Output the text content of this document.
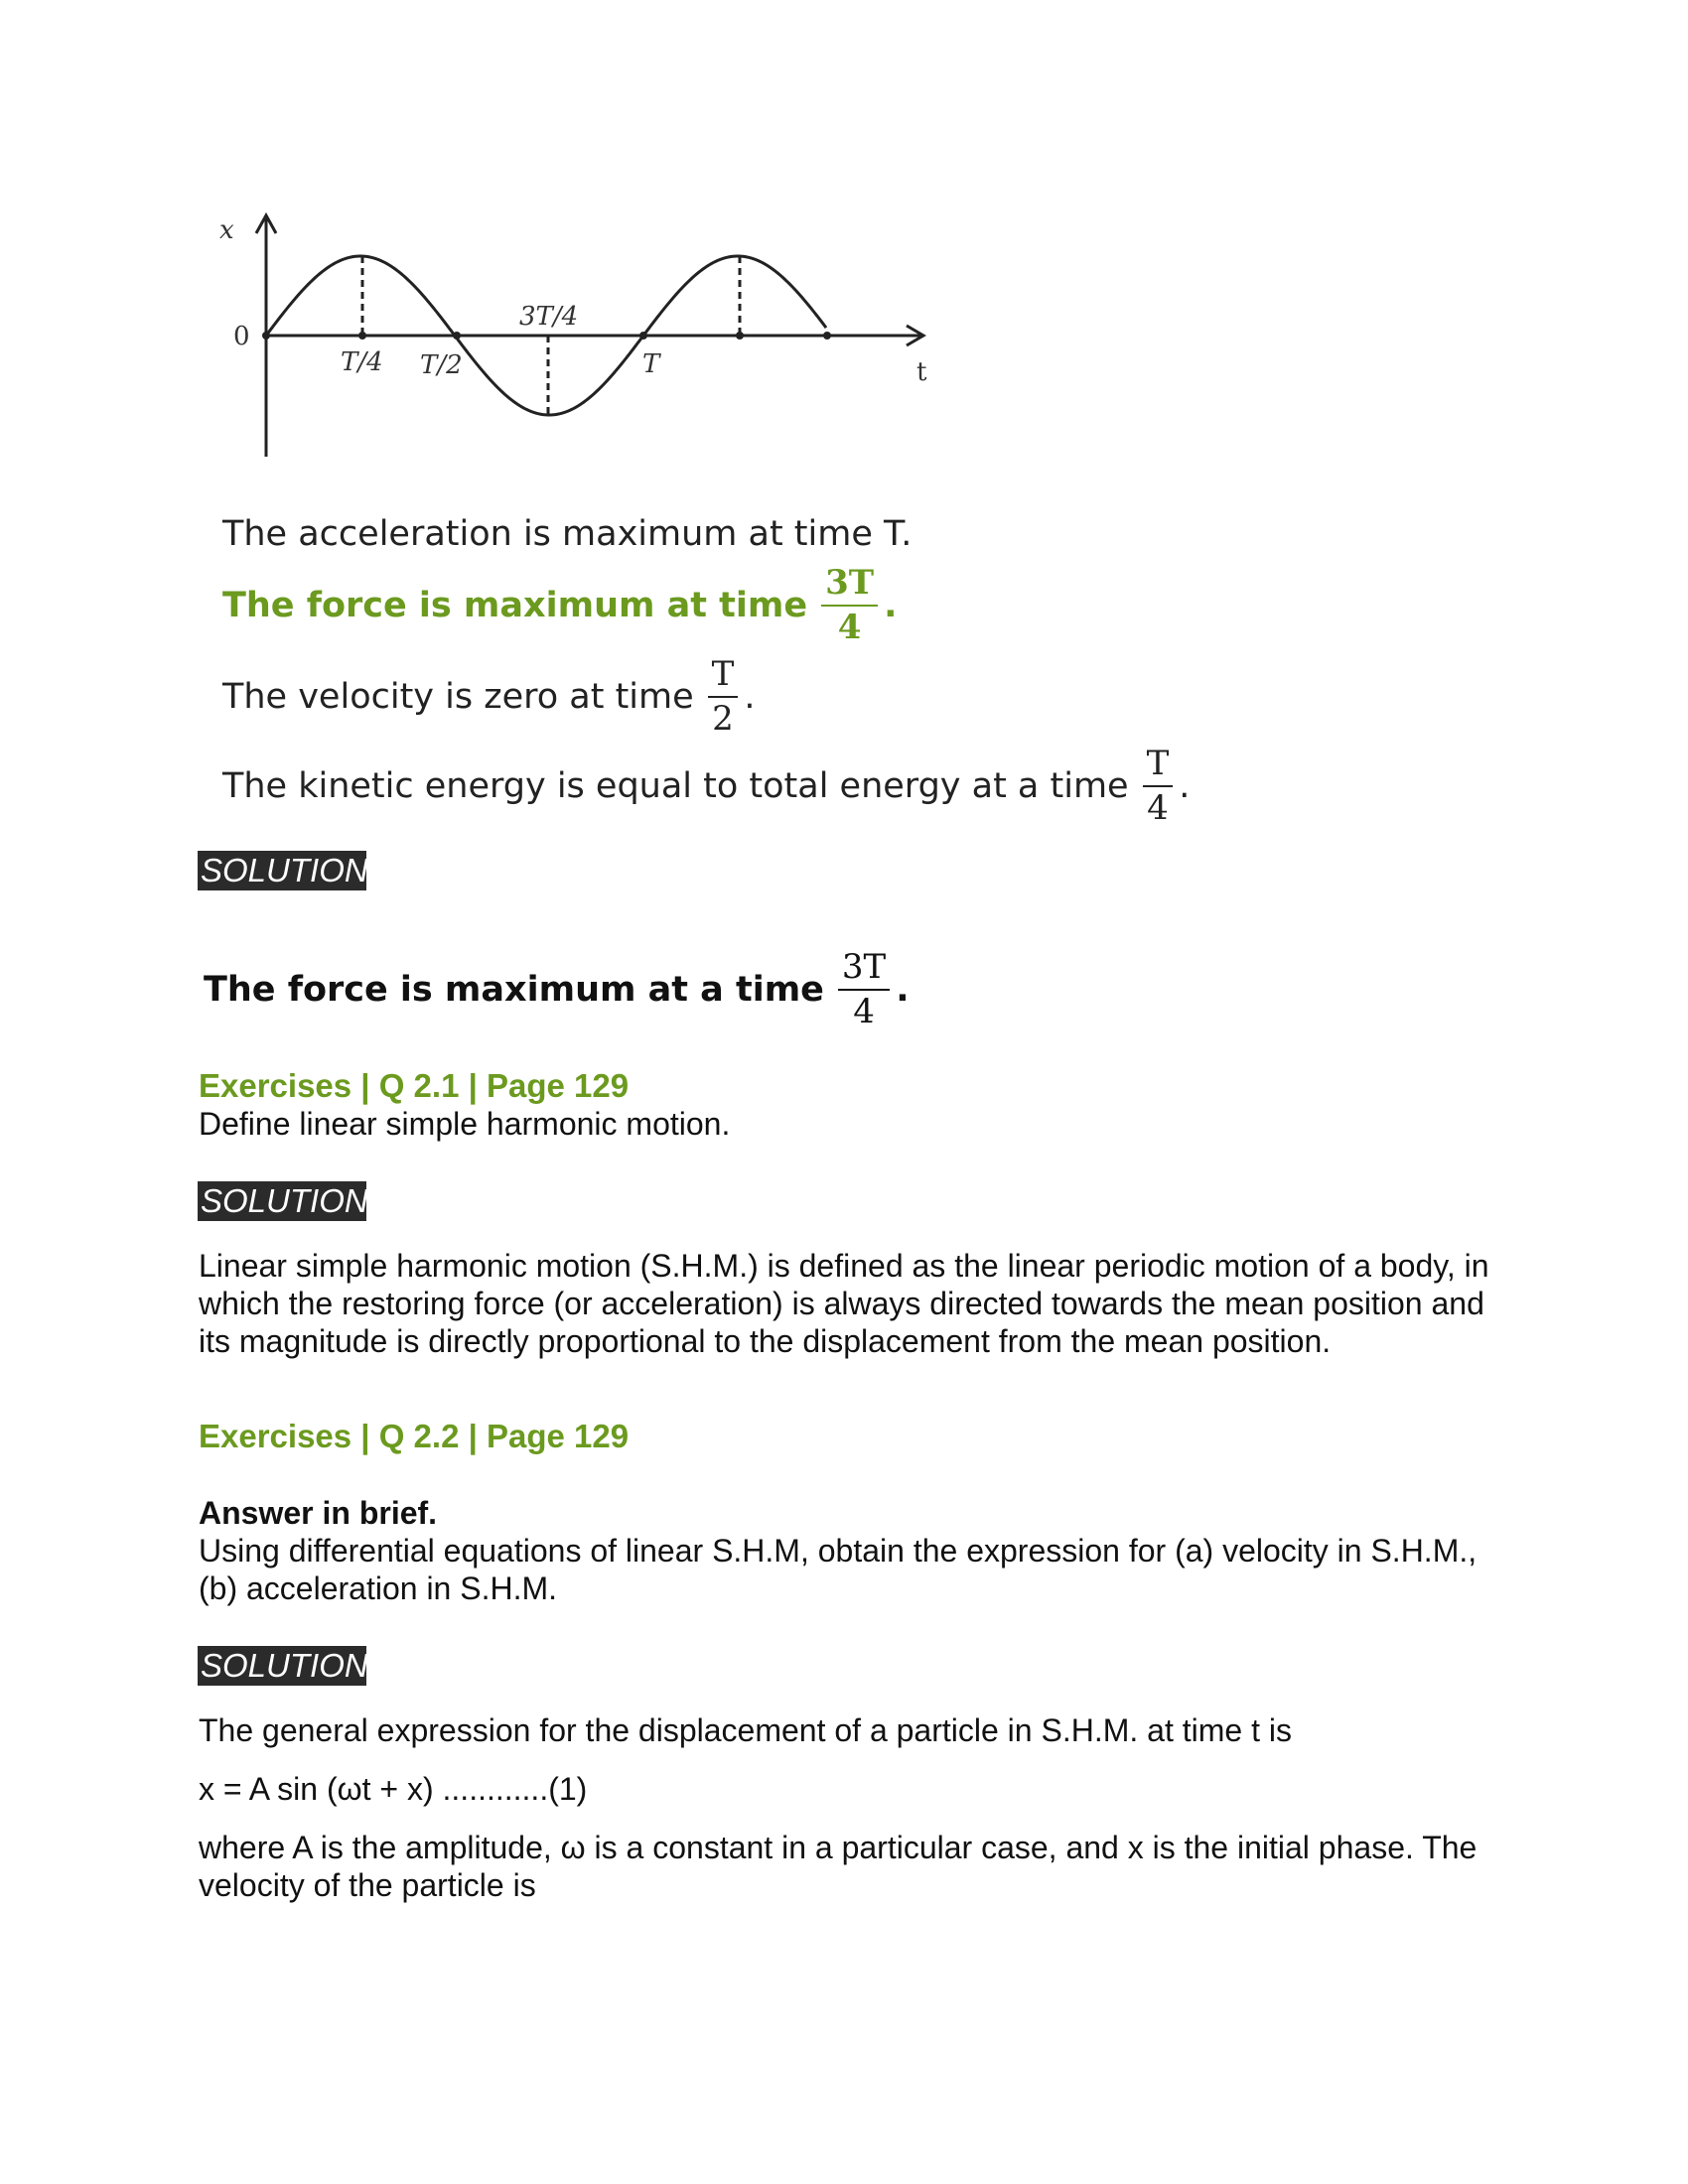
x
0
t
T/4 T/2
3T/4
T
The acceleration is maximum at time T.
The force is maximum at time $\frac{3T}{4}$ .
The velocity is zero at time $\frac{T}{2}$ .
The kinetic energy is equal to total energy at a time $\frac{T}{4}$ .
SOLUTION
The force is maximum at a time $\frac{3T}{4}$ .
Exercises | Q 2.1 | Page 129
Define linear simple harmonic motion.
SOLUTION
Linear simple harmonic motion (S.H.M.) is defined as the linear periodic motion of a body, in which the restoring force (or acceleration) is always directed towards the mean position and its magnitude is directly proportional to the displacement from the mean position.
Exercises | Q 2.2 | Page 129
Answer in brief.
Using differential equations of linear S.H.M, obtain the expression for (a) velocity in S.H.M., (b) acceleration in S.H.M.
SOLUTION
The general expression for the displacement of a particle in S.H.M. at time t is
x = A sin (ωt + x) ............(1)
where A is the amplitude, ω is a constant in a particular case, and x is the initial phase. The velocity of the particle is
